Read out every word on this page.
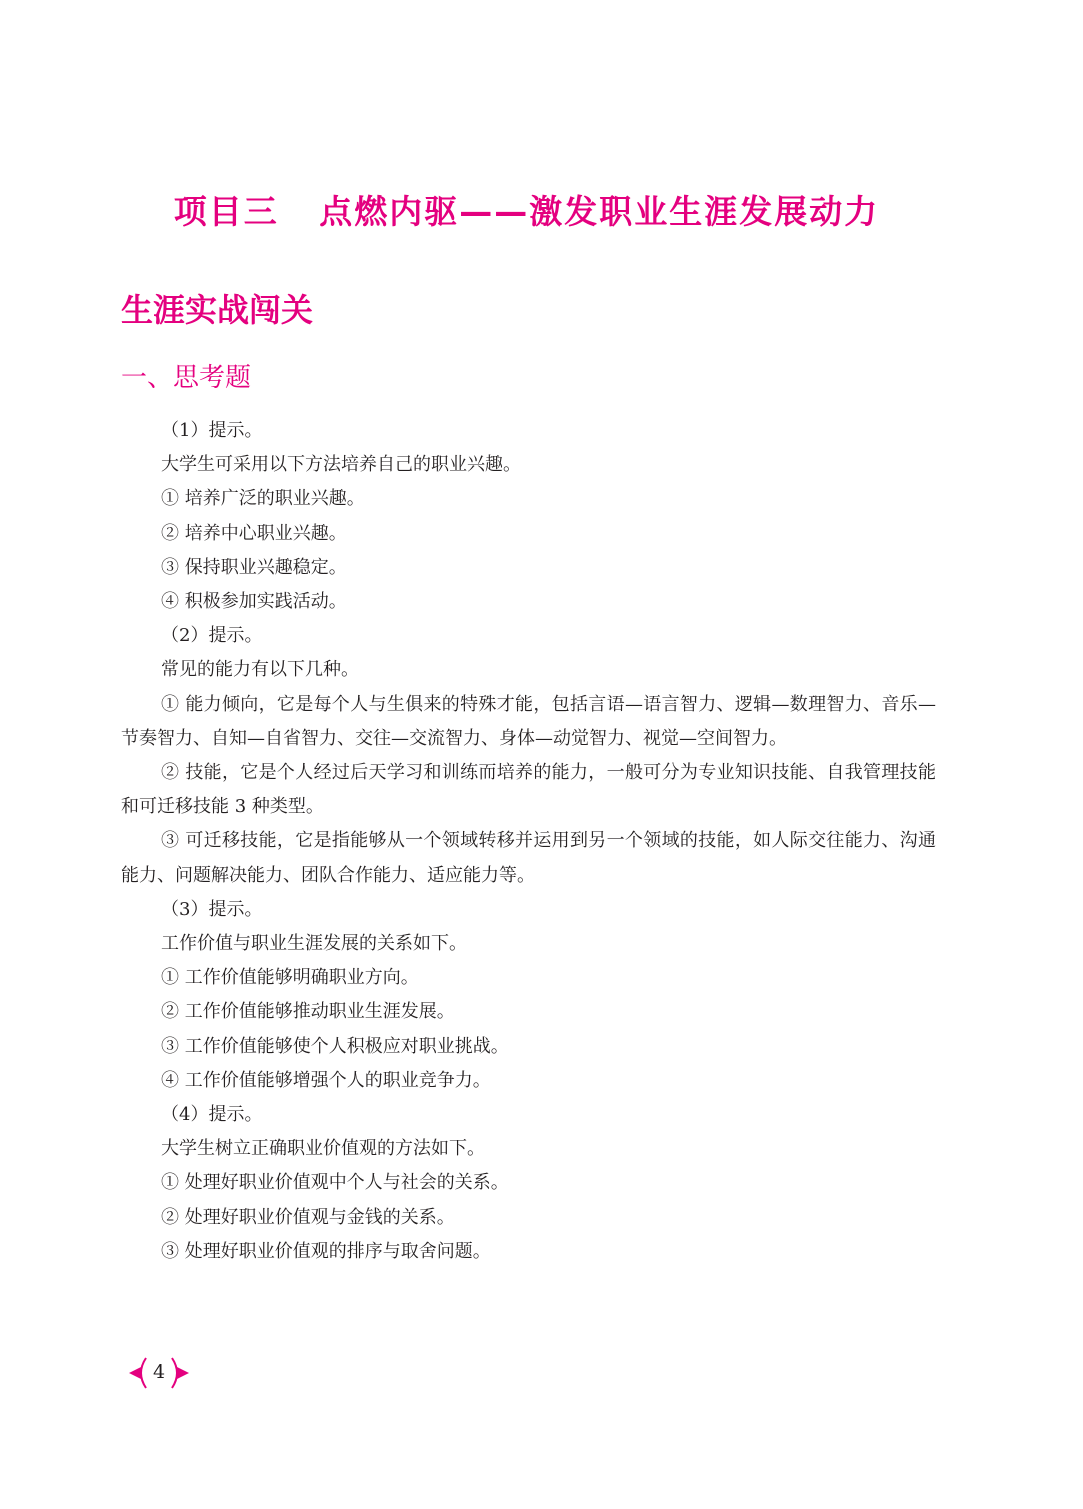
项目三   点燃内驱——激发职业生涯发展动力
生涯实战闯关
一、思考题

（1）提示。

大学生可采用以下方法培养自己的职业兴趣。

① 培养广泛的职业兴趣。

② 培养中心职业兴趣。

③ 保持职业兴趣稳定。

④ 积极参加实践活动。

（2）提示。

常见的能力有以下几种。

① 能力倾向，它是每个人与生俱来的特殊才能，包括言语—语言智力、逻辑—数理智力、音乐—节奏智力、自知—自省智力、交往—交流智力、身体—动觉智力、视觉—空间智力。

② 技能，它是个人经过后天学习和训练而培养的能力，一般可分为专业知识技能、自我管理技能和可迁移技能 3 种类型。

③ 可迁移技能，它是指能够从一个领域转移并运用到另一个领域的技能，如人际交往能力、沟通能力、问题解决能力、团队合作能力、适应能力等。

（3）提示。

工作价值与职业生涯发展的关系如下。

① 工作价值能够明确职业方向。

② 工作价值能够推动职业生涯发展。

③ 工作价值能够使个人积极应对职业挑战。

④ 工作价值能够增强个人的职业竞争力。

（4）提示。

大学生树立正确职业价值观的方法如下。

① 处理好职业价值观中个人与社会的关系。

② 处理好职业价值观与金钱的关系。

③ 处理好职业价值观的排序与取舍问题。

4
